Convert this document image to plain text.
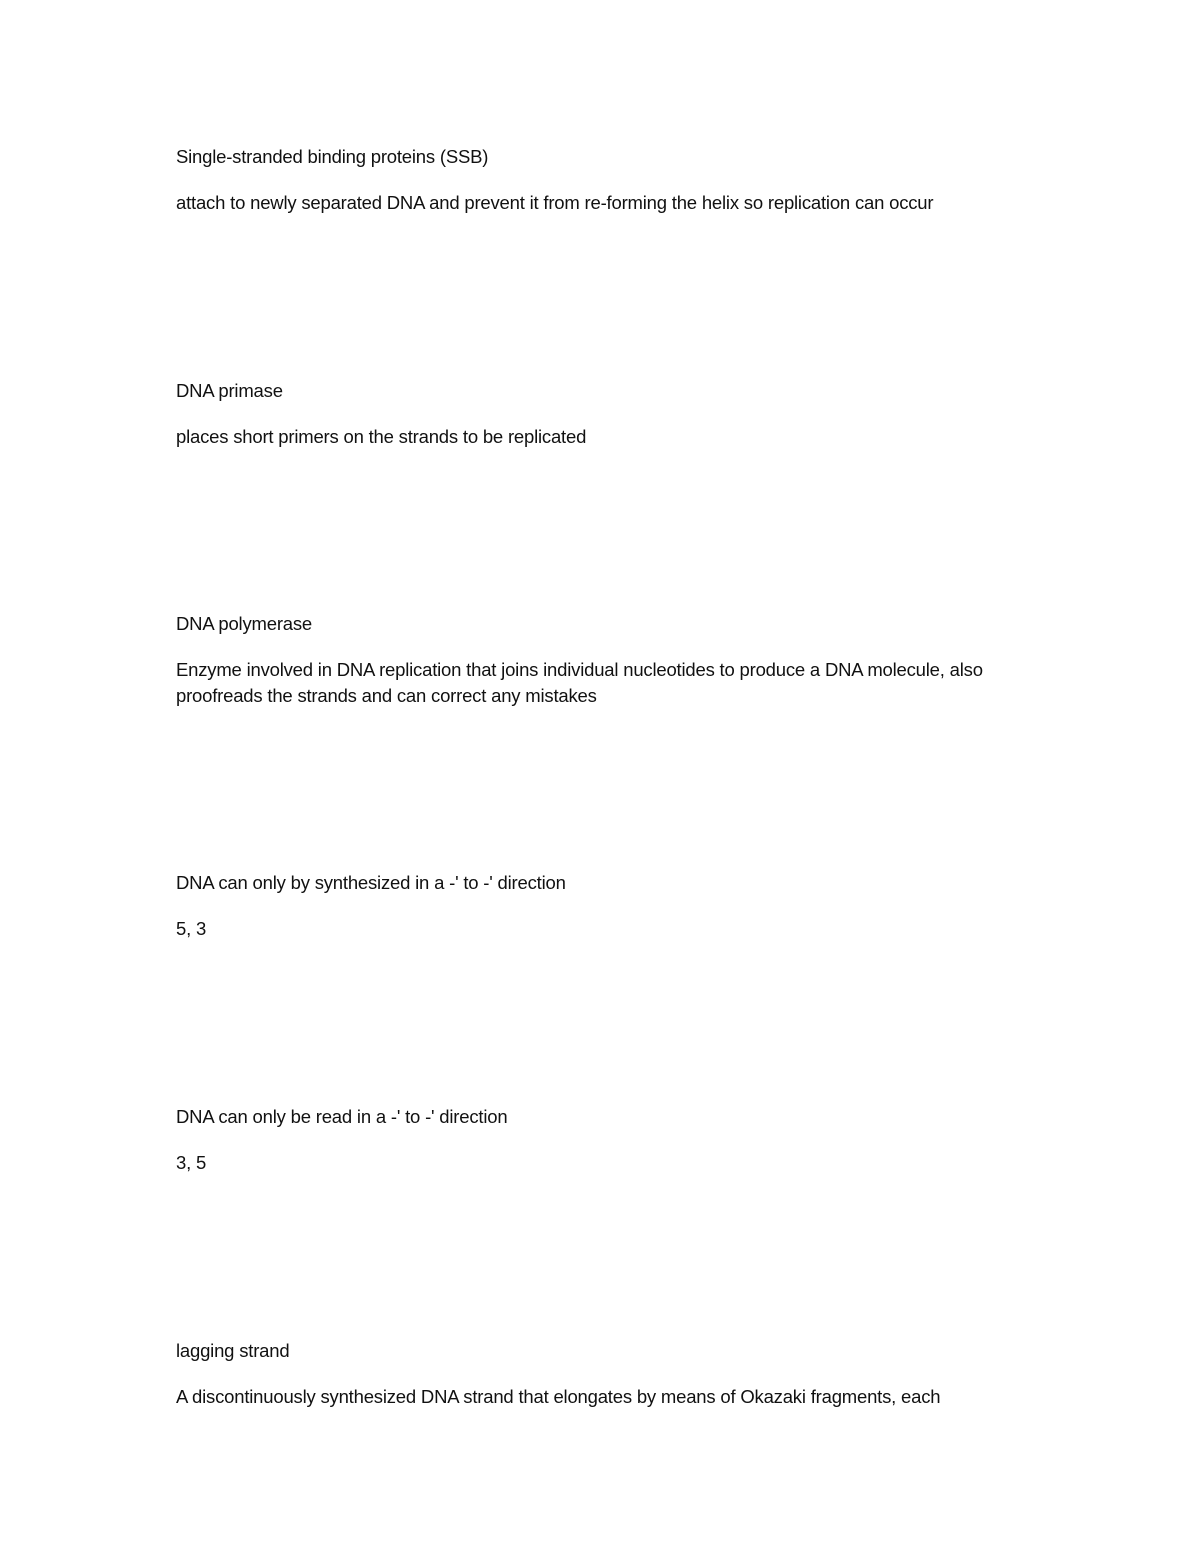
Single-stranded binding proteins (SSB)

attach to newly separated DNA and prevent it from re-forming the helix so replication can occur

DNA primase

places short primers on the strands to be replicated

DNA polymerase

Enzyme involved in DNA replication that joins individual nucleotides to produce a DNA molecule, also proofreads the strands and can correct any mistakes

DNA can only by synthesized in a -' to -' direction

5, 3

DNA can only be read in a -' to -' direction

3, 5

lagging strand

A discontinuously synthesized DNA strand that elongates by means of Okazaki fragments, each
